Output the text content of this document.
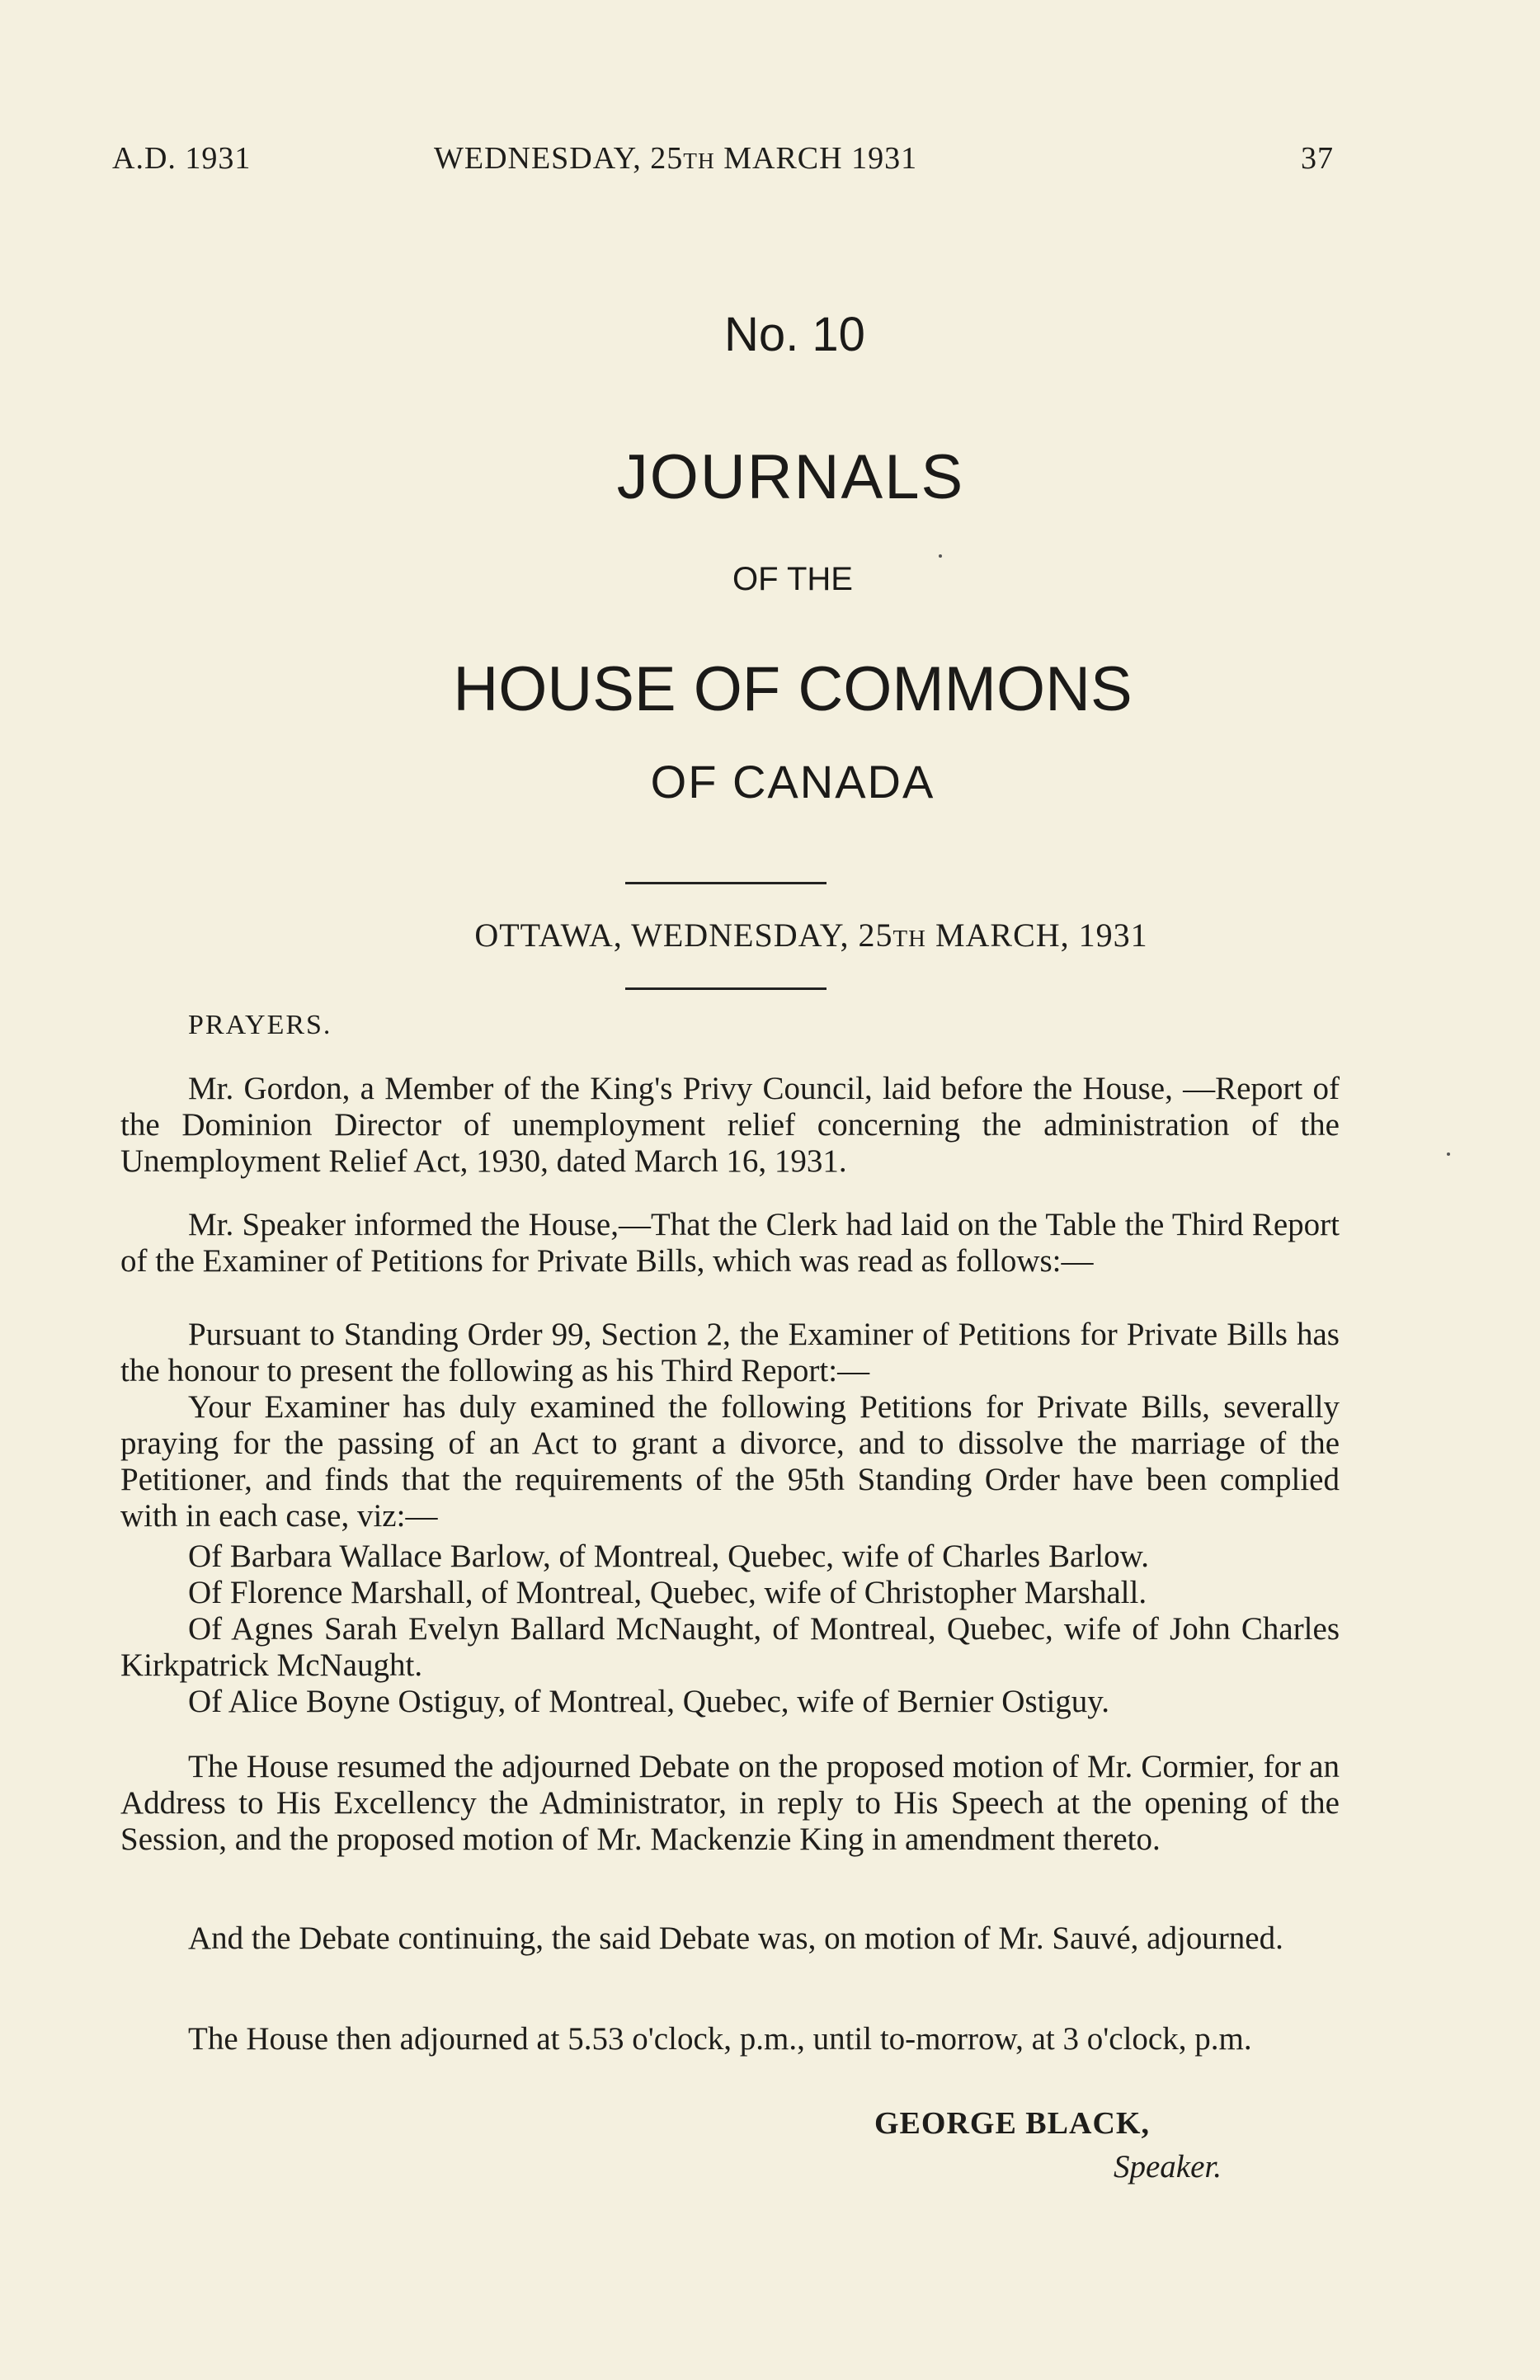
A.D. 1931	WEDNESDAY, 25TH MARCH 1931	37
No. 10
JOURNALS
OF THE
HOUSE OF COMMONS
OF CANADA
OTTAWA, WEDNESDAY, 25TH MARCH, 1931
PRAYERS.

Mr. Gordon, a Member of the King's Privy Council, laid before the House, —Report of the Dominion Director of unemployment relief concerning the administration of the Unemployment Relief Act, 1930, dated March 16, 1931.

Mr. Speaker informed the House,—That the Clerk had laid on the Table the Third Report of the Examiner of Petitions for Private Bills, which was read as follows:—

Pursuant to Standing Order 99, Section 2, the Examiner of Petitions for Private Bills has the honour to present the following as his Third Report:—

Your Examiner has duly examined the following Petitions for Private Bills, severally praying for the passing of an Act to grant a divorce, and to dissolve the marriage of the Petitioner, and finds that the requirements of the 95th Standing Order have been complied with in each case, viz:—

Of Barbara Wallace Barlow, of Montreal, Quebec, wife of Charles Barlow.

Of Florence Marshall, of Montreal, Quebec, wife of Christopher Marshall.

Of Agnes Sarah Evelyn Ballard McNaught, of Montreal, Quebec, wife of John Charles Kirkpatrick McNaught.

Of Alice Boyne Ostiguy, of Montreal, Quebec, wife of Bernier Ostiguy.

The House resumed the adjourned Debate on the proposed motion of Mr. Cormier, for an Address to His Excellency the Administrator, in reply to His Speech at the opening of the Session, and the proposed motion of Mr. Mackenzie King in amendment thereto.

And the Debate continuing, the said Debate was, on motion of Mr. Sauvé, adjourned.

The House then adjourned at 5.53 o'clock, p.m., until to-morrow, at 3 o'clock, p.m.

GEORGE BLACK,
Speaker.
